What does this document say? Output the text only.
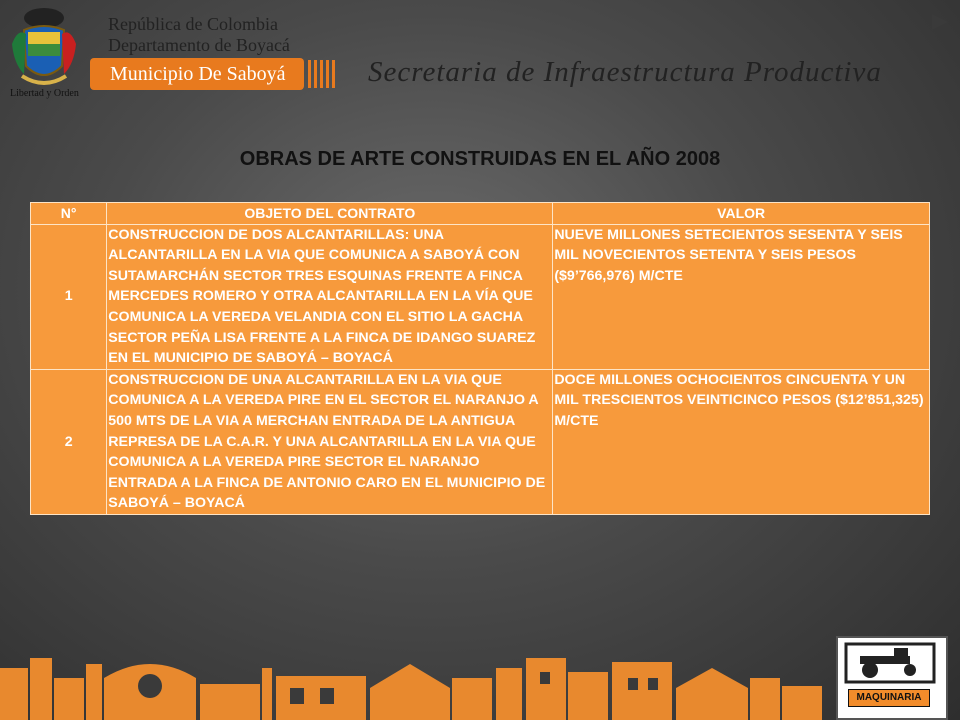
Libertad y Orden
República de Colombia
Departamento de Boyacá
Municipio De Saboyá	Secretaria de Infraestructura Productiva
OBRAS DE ARTE CONSTRUIDAS EN EL AÑO 2008
N°	OBJETO DEL CONTRATO	VALOR
1	CONSTRUCCION DE DOS ALCANTARILLAS: UNA ALCANTARILLA EN LA VIA QUE COMUNICA A SABOYÁ CON SUTAMARCHÁN SECTOR TRES ESQUINAS FRENTE A FINCA MERCEDES ROMERO Y OTRA ALCANTARILLA EN LA VÍA QUE COMUNICA LA VEREDA VELANDIA CON EL SITIO LA GACHA SECTOR PEÑA LISA FRENTE A LA FINCA DE IDANGO SUAREZ EN EL MUNICIPIO DE SABOYÁ – BOYACÁ	NUEVE MILLONES SETECIENTOS SESENTA Y SEIS MIL NOVECIENTOS SETENTA Y SEIS PESOS ($9’766,976) M/CTE
2	CONSTRUCCION DE UNA ALCANTARILLA EN LA VIA QUE COMUNICA A LA VEREDA PIRE EN EL SECTOR EL NARANJO A 500 MTS DE LA VIA A MERCHAN ENTRADA DE LA ANTIGUA REPRESA DE LA C.A.R. Y UNA ALCANTARILLA EN LA VIA QUE COMUNICA A LA VEREDA PIRE SECTOR EL NARANJO ENTRADA A LA FINCA DE ANTONIO CARO EN EL MUNICIPIO DE SABOYÁ – BOYACÁ	DOCE MILLONES OCHOCIENTOS CINCUENTA Y UN MIL TRESCIENTOS VEINTICINCO PESOS ($12’851,325) M/CTE
MAQUINARIA
